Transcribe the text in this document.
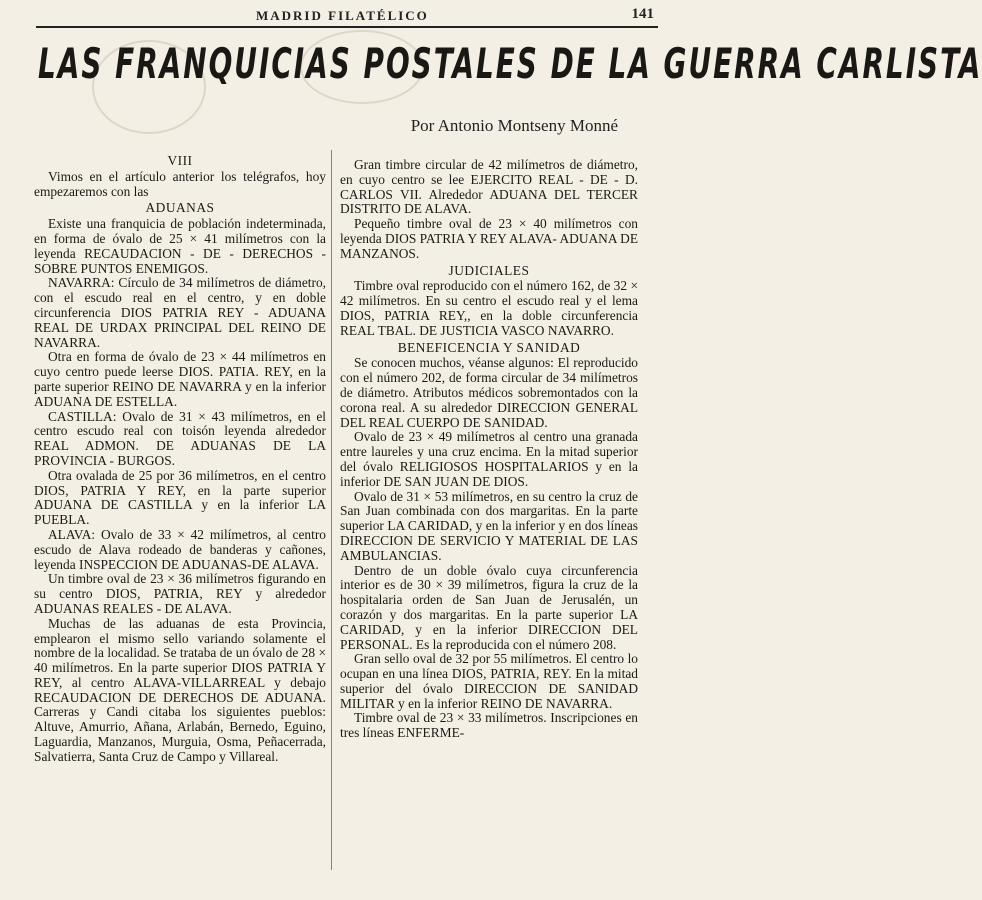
MADRID FILATÉLICO	141
LAS FRANQUICIAS POSTALES DE LA GUERRA CARLISTA
Por Antonio Montseny Monné

VIII

Vimos en el artículo anterior los telégrafos, hoy empezaremos con las

ADUANAS

Existe una franquicia de población indeterminada, en forma de óvalo de 25 × 41 milímetros con la leyenda RECAUDACION - DE - DERECHOS - SOBRE PUNTOS ENEMIGOS.

NAVARRA: Círculo de 34 milímetros de diámetro, con el escudo real en el centro, y en doble circunferencia DIOS PATRIA REY - ADUANA REAL DE URDAX PRINCIPAL DEL REINO DE NAVARRA.

Otra en forma de óvalo de 23 × 44 milímetros en cuyo centro puede leerse DIOS. PATIA. REY, en la parte superior REINO DE NAVARRA y en la inferior ADUANA DE ESTELLA.

CASTILLA: Ovalo de 31 × 43 milímetros, en el centro escudo real con toisón leyenda alrededor REAL ADMON. DE ADUANAS DE LA PROVINCIA - BURGOS.

Otra ovalada de 25 por 36 milímetros, en el centro DIOS, PATRIA Y REY, en la parte superior ADUANA DE CASTILLA y en la inferior LA PUEBLA.

ALAVA: Ovalo de 33 × 42 milímetros, al centro escudo de Alava rodeado de banderas y cañones, leyenda INSPECCION DE ADUANAS-DE ALAVA.

Un timbre oval de 23 × 36 milímetros figurando en su centro DIOS, PATRIA, REY y alrededor ADUANAS REALES - DE ALAVA.

Muchas de las aduanas de esta Provincia, emplearon el mismo sello variando solamente el nombre de la localidad. Se trataba de un óvalo de 28 × 40 milímetros. En la parte superior DIOS PATRIA Y REY, al centro ALAVA-VILLARREAL y debajo RECAUDACION DE DERECHOS DE ADUANA. Carreras y Candi citaba los siguientes pueblos: Altuve, Amurrio, Añana, Arlabán, Bernedo, Eguino, Laguardia, Manzanos, Murguia, Osma, Peñacerrada, Salvatierra, Santa Cruz de Campo y Villareal.

Gran timbre circular de 42 milímetros de diámetro, en cuyo centro se lee EJERCITO REAL - DE - D. CARLOS VII. Alrededor ADUANA DEL TERCER DISTRITO DE ALAVA.

Pequeño timbre oval de 23 × 40 milímetros con leyenda DIOS PATRIA Y REY ALAVA- ADUANA DE MANZANOS.

JUDICIALES

Timbre oval reproducido con el número 162, de 32 × 42 milímetros. En su centro el escudo real y el lema DIOS, PATRIA REY,, en la doble circunferencia REAL TBAL. DE JUSTICIA VASCO NAVARRO.

BENEFICENCIA Y SANIDAD

Se conocen muchos, véanse algunos: El reproducido con el número 202, de forma circular de 34 milímetros de diámetro. Atributos médicos sobremontados con la corona real. A su alrededor DIRECCION GENERAL DEL REAL CUERPO DE SANIDAD.

Ovalo de 23 × 49 milímetros al centro una granada entre laureles y una cruz encima. En la mitad superior del óvalo RELIGIOSOS HOSPITALARIOS y en la inferior DE SAN JUAN DE DIOS.

Ovalo de 31 × 53 milímetros, en su centro la cruz de San Juan combinada con dos margaritas. En la parte superior LA CARIDAD, y en la inferior y en dos líneas DIRECCION DE SERVICIO Y MATERIAL DE LAS AMBULANCIAS.

Dentro de un doble óvalo cuya circunferencia interior es de 30 × 39 milímetros, figura la cruz de la hospitalaria orden de San Juan de Jerusalén, un corazón y dos margaritas. En la parte superior LA CARIDAD, y en la inferior DIRECCION DEL PERSONAL. Es la reproducida con el número 208.

Gran sello oval de 32 por 55 milímetros. El centro lo ocupan en una línea DIOS, PATRIA, REY. En la mitad superior del óvalo DIRECCION DE SANIDAD MILITAR y en la inferior REINO DE NAVARRA.

Timbre oval de 23 × 33 milímetros. Inscripciones en tres líneas ENFERME-
